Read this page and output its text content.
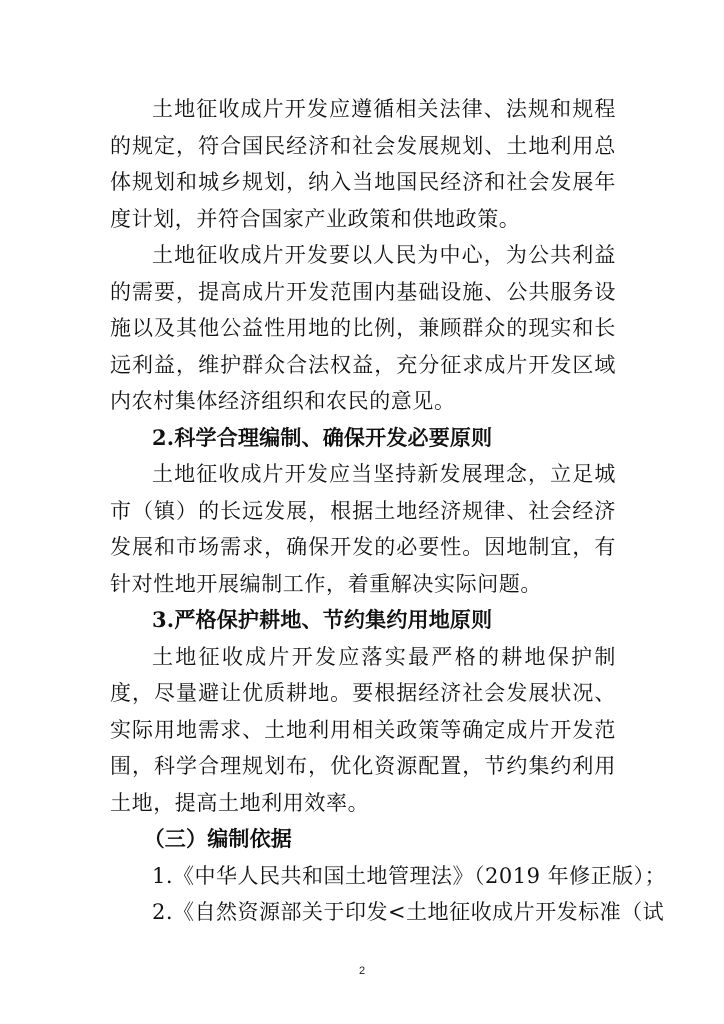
土地征收成片开发应遵循相关法律、法规和规程的规定，符合国民经济和社会发展规划、土地利用总体规划和城乡规划，纳入当地国民经济和社会发展年度计划，并符合国家产业政策和供地政策。

土地征收成片开发要以人民为中心，为公共利益的需要，提高成片开发范围内基础设施、公共服务设施以及其他公益性用地的比例，兼顾群众的现实和长远利益，维护群众合法权益，充分征求成片开发区域内农村集体经济组织和农民的意见。

2.科学合理编制、确保开发必要原则

土地征收成片开发应当坚持新发展理念，立足城市（镇）的长远发展，根据土地经济规律、社会经济发展和市场需求，确保开发的必要性。因地制宜，有针对性地开展编制工作，着重解决实际问题。

3.严格保护耕地、节约集约用地原则

土地征收成片开发应落实最严格的耕地保护制度，尽量避让优质耕地。要根据经济社会发展状况、实际用地需求、土地利用相关政策等确定成片开发范围，科学合理规划布，优化资源配置，节约集约利用土地，提高土地利用效率。

（三）编制依据

1.《中华人民共和国土地管理法》（2019 年修正版）；

2.《自然资源部关于印发<土地征收成片开发标准（试

2
